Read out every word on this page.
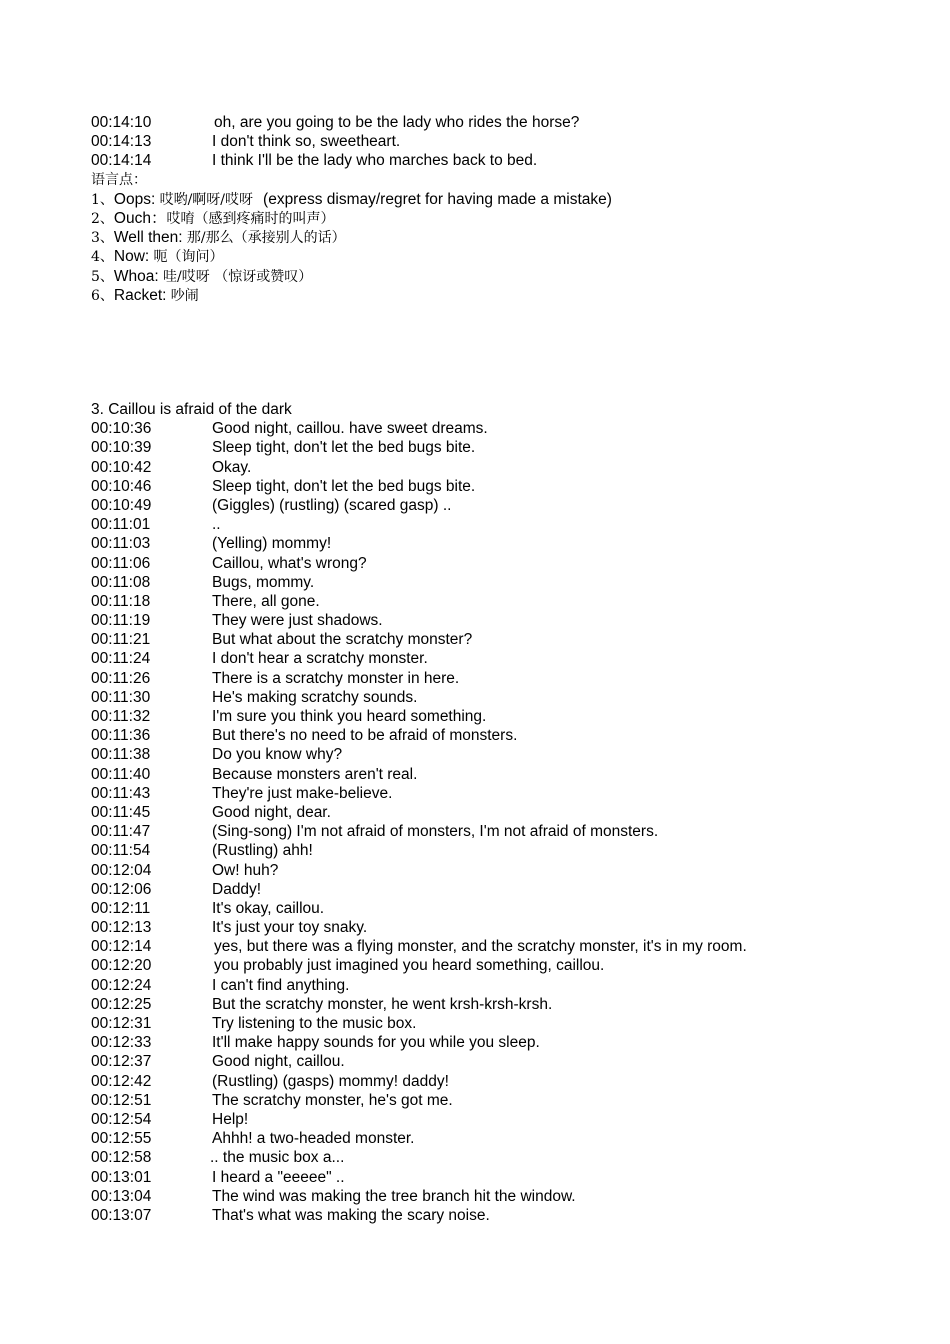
00:14:10	oh, are you going to be the lady who rides the horse?
00:14:13	I don't think so, sweetheart.
00:14:14	I think I'll be the lady who marches back to bed.
语言点：
1、Oops: 哎哟/啊呀/哎呀 (express dismay/regret for having made a mistake)
2、Ouch：哎唷（感到疼痛时的叫声）
3、Well then: 那/那么（承接别人的话）
4、Now: 呃（询问）
5、Whoa: 哇/哎呀 （惊讶或赞叹）
6、Racket: 吵闹
3. Caillou is afraid of the dark
00:10:36	Good night, caillou. have sweet dreams.
00:10:39	Sleep tight, don't let the bed bugs bite.
00:10:42	Okay.
00:10:46	Sleep tight, don't let the bed bugs bite.
00:10:49	(Giggles) (rustling) (scared gasp) ..
00:11:01	..
00:11:03	(Yelling) mommy!
00:11:06	Caillou, what's wrong?
00:11:08	Bugs, mommy.
00:11:18	There, all gone.
00:11:19	They were just shadows.
00:11:21	But what about the scratchy monster?
00:11:24	I don't hear a scratchy monster.
00:11:26	There is a scratchy monster in here.
00:11:30	He's making scratchy sounds.
00:11:32	I'm sure you think you heard something.
00:11:36	But there's no need to be afraid of monsters.
00:11:38	Do you know why?
00:11:40	Because monsters aren't real.
00:11:43	They're just make-believe.
00:11:45	Good night, dear.
00:11:47	(Sing-song) I'm not afraid of monsters, I'm not afraid of monsters.
00:11:54	(Rustling) ahh!
00:12:04	Ow! huh?
00:12:06	Daddy!
00:12:11	It's okay, caillou.
00:12:13	It's just your toy snaky.
00:12:14	yes, but there was a flying monster, and the scratchy monster, it's in my room.
00:12:20	you probably just imagined you heard something, caillou.
00:12:24	I can't find anything.
00:12:25	But the scratchy monster, he went krsh-krsh-krsh.
00:12:31	Try listening to the music box.
00:12:33	It'll make happy sounds for you while you sleep.
00:12:37	Good night, caillou.
00:12:42	(Rustling) (gasps) mommy! daddy!
00:12:51	The scratchy monster, he's got me.
00:12:54	Help!
00:12:55	Ahhh! a two-headed monster.
00:12:58	.. the music box a...
00:13:01	I heard a "eeeee" ..
00:13:04	The wind was making the tree branch hit the window.
00:13:07	That's what was making the scary noise.
